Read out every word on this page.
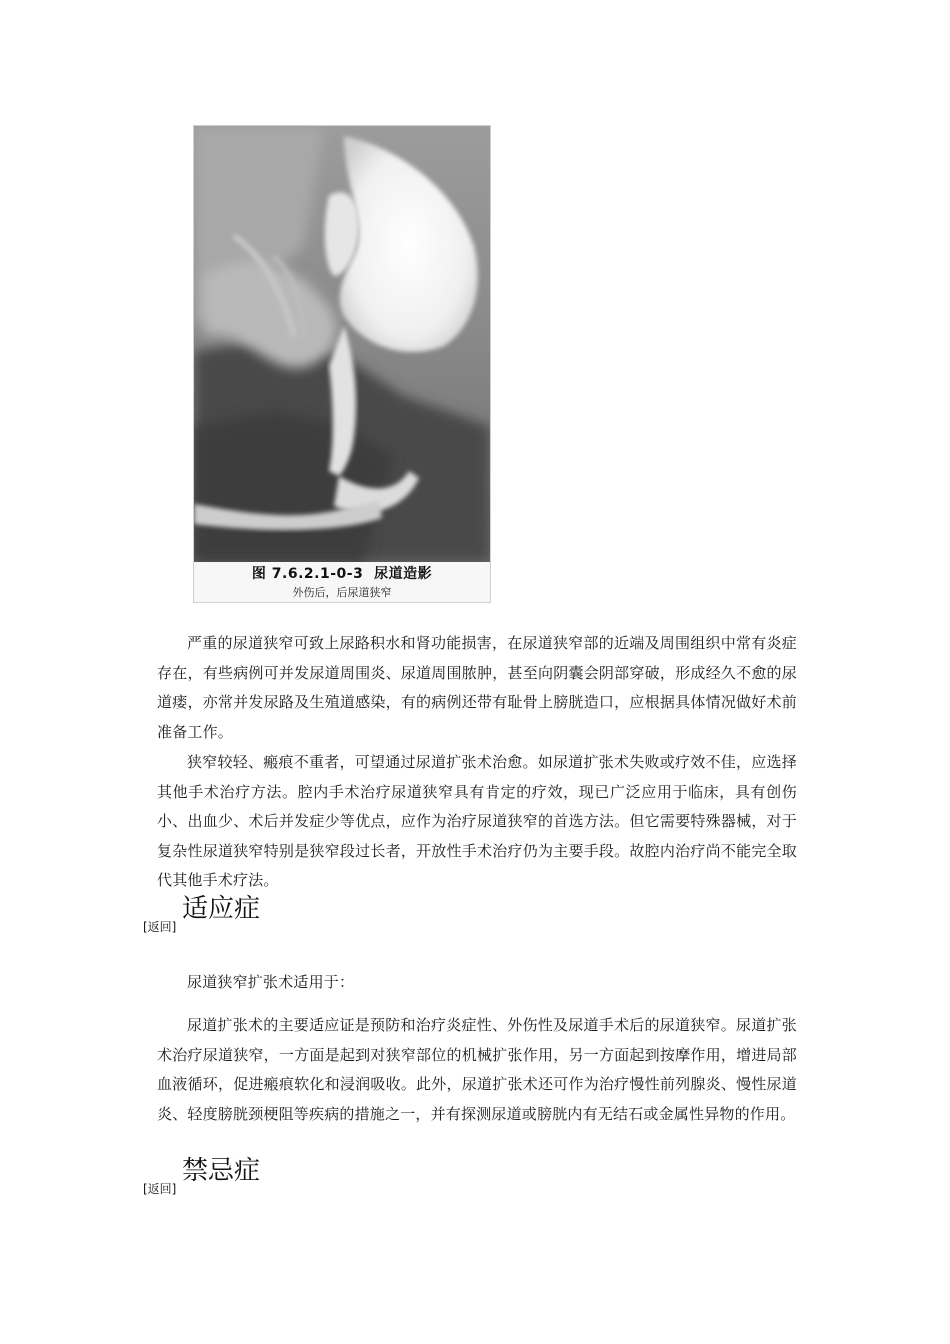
图 7.6.2.1-0-3  尿道造影
外伤后，后尿道狭窄

严重的尿道狭窄可致上尿路积水和肾功能损害，在尿道狭窄部的近端及周围组织中常有炎症存在，有些病例可并发尿道周围炎、尿道周围脓肿，甚至向阴囊会阴部穿破，形成经久不愈的尿道瘘，亦常并发尿路及生殖道感染，有的病例还带有耻骨上膀胱造口，应根据具体情况做好术前准备工作。

狭窄较轻、瘢痕不重者，可望通过尿道扩张术治愈。如尿道扩张术失败或疗效不佳，应选择其他手术治疗方法。腔内手术治疗尿道狭窄具有肯定的疗效，现已广泛应用于临床，具有创伤小、出血少、术后并发症少等优点，应作为治疗尿道狭窄的首选方法。但它需要特殊器械，对于复杂性尿道狭窄特别是狭窄段过长者，开放性手术治疗仍为主要手段。故腔内治疗尚不能完全取代其他手术疗法。

适应症
[返回]

尿道狭窄扩张术适用于：

尿道扩张术的主要适应证是预防和治疗炎症性、外伤性及尿道手术后的尿道狭窄。尿道扩张术治疗尿道狭窄，一方面是起到对狭窄部位的机械扩张作用，另一方面起到按摩作用，增进局部血液循环，促进瘢痕软化和浸润吸收。此外，尿道扩张术还可作为治疗慢性前列腺炎、慢性尿道炎、轻度膀胱颈梗阻等疾病的措施之一，并有探测尿道或膀胱内有无结石或金属性异物的作用。

禁忌症
[返回]
